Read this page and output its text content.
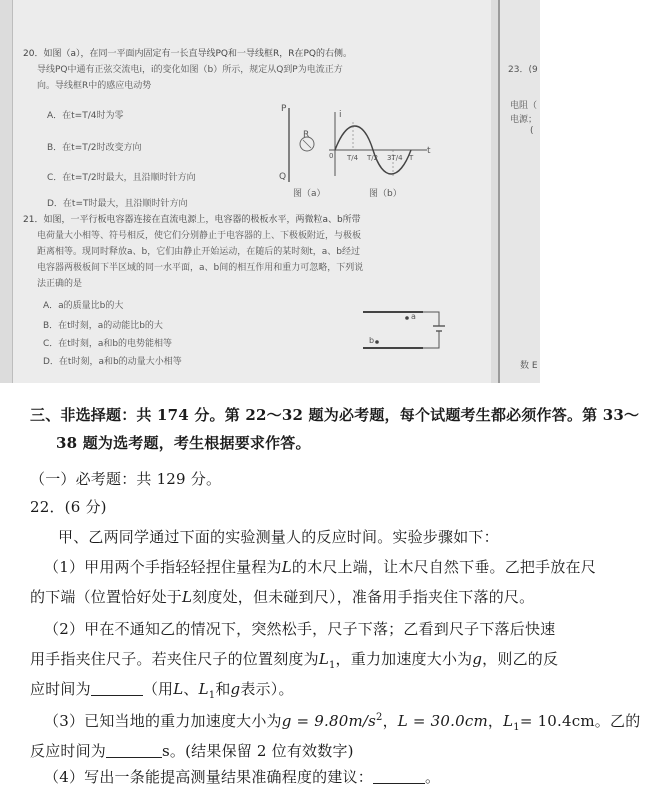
20．如图（a），在同一平面内固定有一长直导线PQ和一导线框R，R在PQ的右侧。
导线PQ中通有正弦交流电i，i的变化如图（b）所示，规定从Q到P为电流正方
向。导线框R中的感应电动势
A．在t=T/4时为零
B．在t=T/2时改变方向
C．在t=T/2时最大，且沿顺时针方向
D．在t=T时最大，且沿顺时针方向
P
Q
R
图（a）
i
t
0 T/4 T/2 3T/4 T
图（b）
21．如图，一平行板电容器连接在直流电源上，电容器的极板水平，两微粒a、b所带
电荷量大小相等、符号相反，使它们分别静止于电容器的上、下极板附近，与极板
距离相等。现同时释放a、b，它们由静止开始运动，在随后的某时刻t，a、b经过
电容器两极板间下半区域的同一水平面，a、b间的相互作用和重力可忽略，下列说
法正确的是
A．a的质量比b的大
B．在t时刻，a的动能比b的大
C．在t时刻，a和b的电势能相等
D．在t时刻，a和b的动量大小相等
a
b
23．(9
电阻（
电源；
(
数 E
三、非选择题：共 174 分。第 22～32 题为必考题，每个试题考生都必须作答。第 33～
38 题为选考题，考生根据要求作答。
（一）必考题：共 129 分。
22．(6 分)
甲、乙两同学通过下面的实验测量人的反应时间。实验步骤如下：
（1）甲用两个手指轻轻捏住量程为L的木尺上端，让木尺自然下垂。乙把手放在尺
的下端（位置恰好处于L刻度处，但未碰到尺），准备用手指夹住下落的尺。
（2）甲在不通知乙的情况下，突然松手，尺子下落；乙看到尺子下落后快速
用手指夹住尺子。若夹住尺子的位置刻度为$L_1$，重力加速度大小为g，则乙的反
应时间为	（用L、$L_1$和g表示）。
（3）已知当地的重力加速度大小为$g = 9.80m/s^2$，L = 30.0cm，$L_1= 10.4cm$。乙的
反应时间为	s。(结果保留 2 位有效数字)
（4）写出一条能提高测量结果准确程度的建议：	。
